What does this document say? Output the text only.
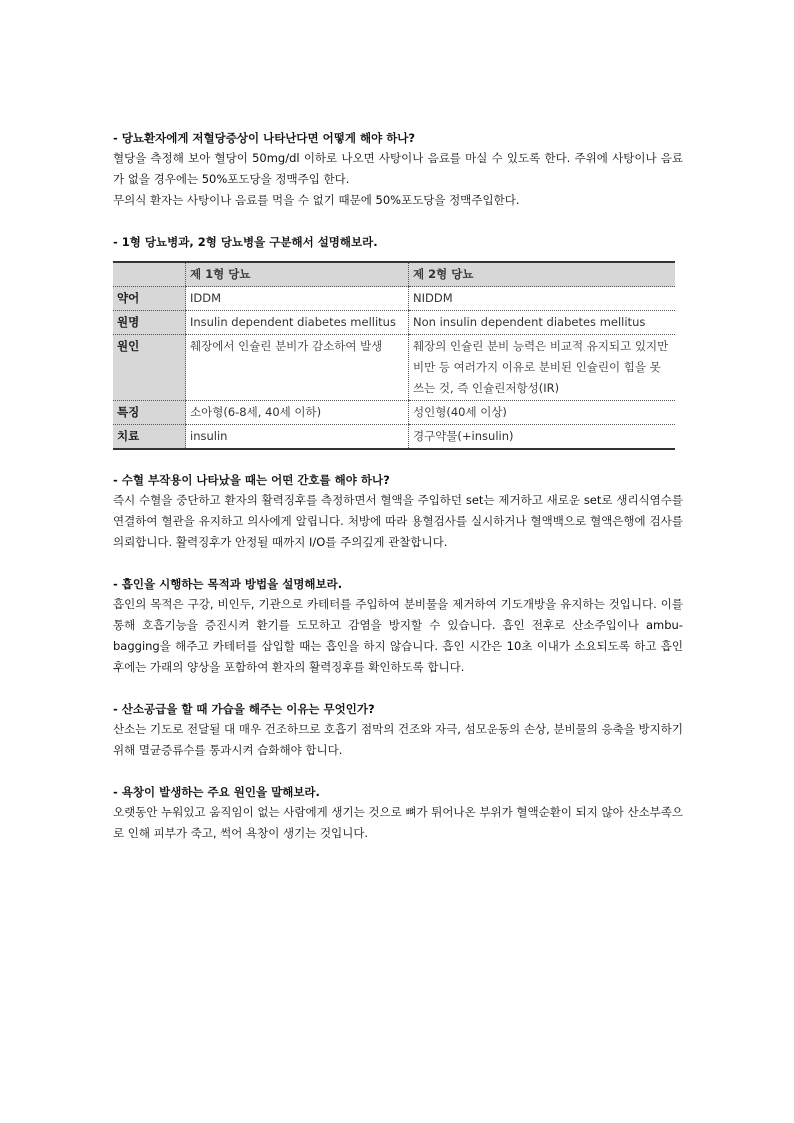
- 당뇨환자에게 저혈당증상이 나타난다면 어떻게 해야 하나?
혈당을 측정해 보아 혈당이 50mg/dl 이하로 나오면 사탕이나 음료를 마실 수 있도록 한다. 주위에 사탕이나 음료가 없을 경우에는 50%포도당을 정맥주입 한다.
무의식 환자는 사탕이나 음료를 먹을 수 없기 때문에 50%포도당을 정맥주입한다.
- 1형 당뇨병과, 2형 당뇨병을 구분해서 설명해보라.
	제 1형 당뇨	제 2형 당뇨
약어	IDDM	NIDDM
원명	Insulin dependent diabetes mellitus	Non insulin dependent diabetes mellitus
원인	췌장에서 인슐린 분비가 감소하여 발생	췌장의 인슐린 분비 능력은 비교적 유지되고 있지만 비만 등 여러가지 이유로 분비된 인슐린이 힘을 못 쓰는 것, 즉 인슐린저항성(IR)
특징	소아형(6-8세, 40세 이하)	성인형(40세 이상)
치료	insulin	경구약물(+insulin)
- 수혈 부작용이 나타났을 때는 어떤 간호를 해야 하나?
즉시 수혈을 중단하고 환자의 활력징후를 측정하면서 혈액을 주입하던 set는 제거하고 새로운 set로 생리식염수를 연결하여 혈관을 유지하고 의사에게 알립니다. 처방에 따라 용혈검사를 실시하거나 혈액백으로 혈액은행에 검사를 의뢰합니다. 활력징후가 안정될 때까지 I/O를 주의깊게 관찰합니다.
- 흡인을 시행하는 목적과 방법을 설명해보라.
흡인의 목적은 구강, 비인두, 기관으로 카테터를 주입하여 분비물을 제거하여 기도개방을 유지하는 것입니다. 이를 통해 호흡기능을 증진시켜 환기를 도모하고 감염을 방지할 수 있습니다. 흡인 전후로 산소주입이나 ambu-bagging을 해주고 카테터를 삽입할 때는 흡인을 하지 않습니다. 흡인 시간은 10초 이내가 소요되도록 하고 흡인 후에는 가래의 양상을 포함하여 환자의 활력징후를 확인하도록 합니다.
- 산소공급을 할 때 가습을 해주는 이유는 무엇인가?
산소는 기도로 전달될 대 매우 건조하므로 호흡기 점막의 건조와 자극, 섬모운동의 손상, 분비물의 응축을 방지하기 위해 멸균증류수를 통과시켜 습화해야 합니다.
- 욕창이 발생하는 주요 원인을 말해보라.
오랫동안 누워있고 움직임이 없는 사람에게 생기는 것으로 뼈가 튀어나온 부위가 혈액순환이 되지 않아 산소부족으로 인해 피부가 죽고, 썩어 욕창이 생기는 것입니다.
